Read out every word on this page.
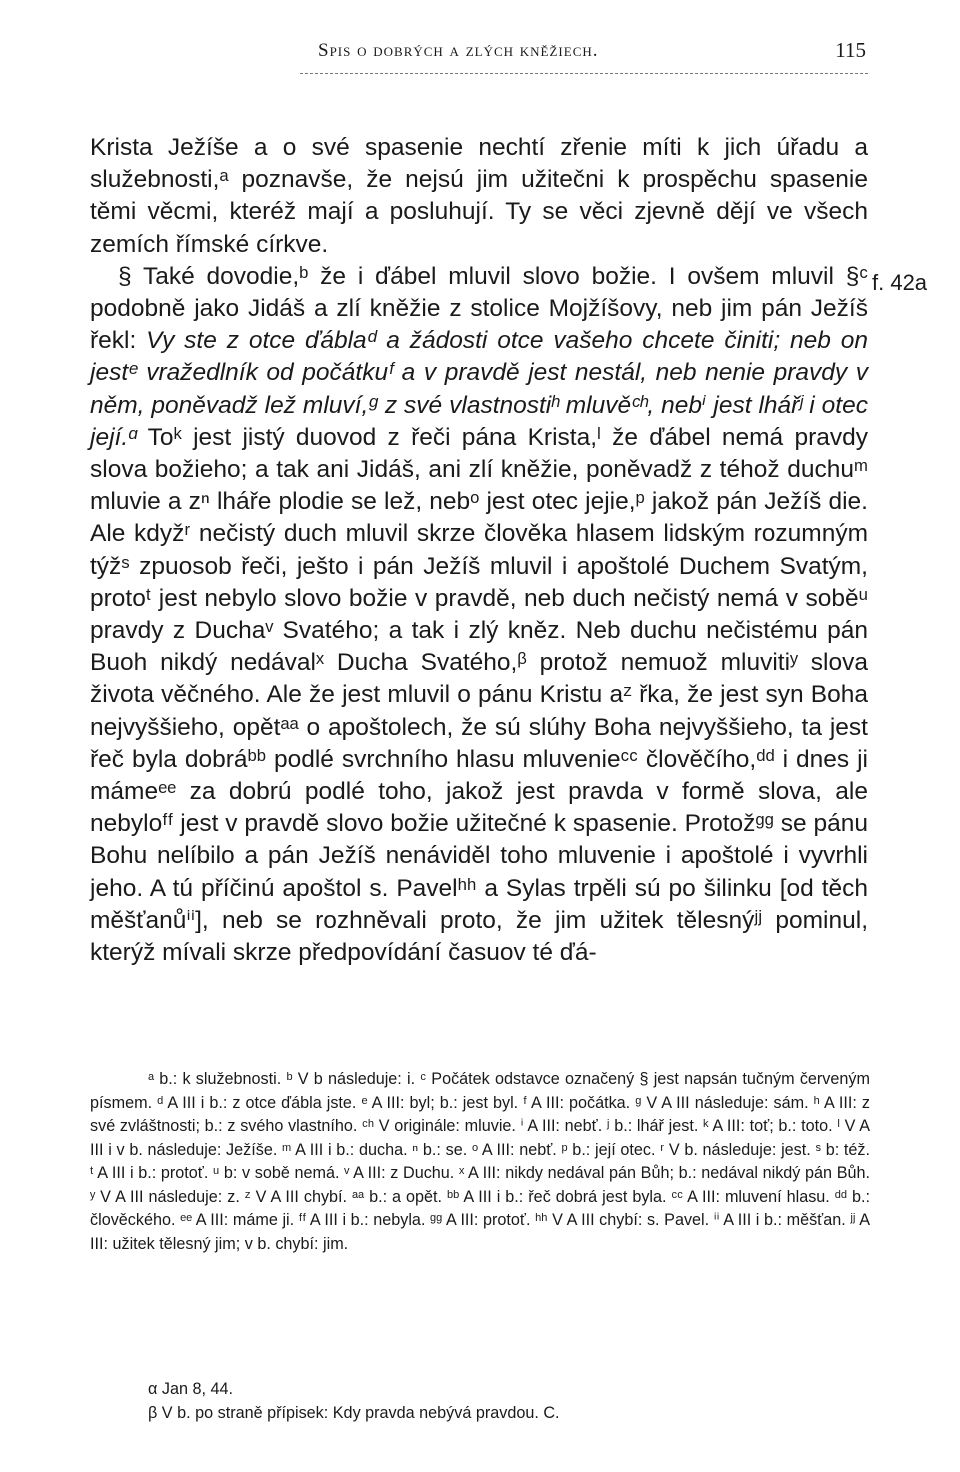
Spis o dobrých a zlých kněžiech.	115
f. 42a

Krista Ježíše a o své spasenie nechtí zřenie míti k jich úřadu a služebnosti,ᵃ poznavše, že nejsú jim užitečni k prospěchu spasenie těmi věcmi, kteréž mají a posluhují. Ty se věci zjevně dějí ve všech zemích římské církve.

§ Také dovodie,ᵇ že i ďábel mluvil slovo božie. I ovšem mluvil §ᶜ podobně jako Jidáš a zlí kněžie z stolice Mojžíšovy, neb jim pán Ježíš řekl: Vy ste z otce ďáblaᵈ a žádosti otce vašeho chcete činiti; neb on jestᵉ vražedlník od počátkuᶠ a v pravdě jest nestál, neb nenie pravdy v něm, poněvadž lež mluví,ᵍ z své vlastnostiʰ mluvěᶜʰ, nebⁱ jest lhářʲ i otec její.ᵅ Toᵏ jest jistý duovod z řeči pána Krista,ˡ že ďábel nemá pravdy slova božieho; a tak ani Jidáš, ani zlí kněžie, poněvadž z téhož duchuᵐ mluvie a zⁿ lháře plodie se lež, nebᵒ jest otec jejie,ᵖ jakož pán Ježíš die. Ale kdyžʳ nečistý duch mluvil skrze člověka hlasem lidským rozumným týžˢ zpuosob řeči, ješto i pán Ježíš mluvil i apoštolé Duchem Svatým, protoᵗ jest nebylo slovo božie v pravdě, neb duch nečistý nemá v soběᵘ pravdy z Duchaᵛ Svatého; a tak i zlý kněz. Neb duchu nečistému pán Buoh nikdý nedávalˣ Ducha Svatého,ᵝ protož nemuož mluvitiʸ slova života věčného. Ale že jest mluvil o pánu Kristu aᶻ řka, že jest syn Boha nejvyššieho, opětᵃᵃ o apoštolech, že sú slúhy Boha nejvyššieho, ta jest řeč byla dobráᵇᵇ podlé svrchního hlasu mluvenieᶜᶜ člověčího,ᵈᵈ i dnes ji mámeᵉᵉ za dobrú podlé toho, jakož jest pravda v formě slova, ale nebyloᶠᶠ jest v pravdě slovo božie užitečné k spasenie. Protožᵍᵍ se pánu Bohu nelíbilo a pán Ježíš nenáviděl toho mluvenie i apoštolé i vyvrhli jeho. A tú příčinú apoštol s. Pavelʰʰ a Sylas trpěli sú po šilinku [od těch měšťanůⁱⁱ], neb se rozhněvali proto, že jim užitek tělesnýʲʲ pominul, kterýž mívali skrze předpovídání časuov té ďá-

ᵃ b.: k služebnosti. ᵇ V b následuje: i. ᶜ Počátek odstavce označený § jest napsán tučným červeným písmem. ᵈ A III i b.: z otce ďábla jste. ᵉ A III: byl; b.: jest byl. ᶠ A III: počátka. ᵍ V A III následuje: sám. ʰ A III: z své zvláštnosti; b.: z svého vlastního. ᶜʰ V originále: mluvie. ⁱ A III: nebť. ʲ b.: lhář jest. ᵏ A III: toť; b.: toto. ˡ V A III i v b. následuje: Ježíše. ᵐ A III i b.: ducha. ⁿ b.: se. ᵒ A III: nebť. ᵖ b.: její otec. ʳ V b. následuje: jest. ˢ b: též. ᵗ A III i b.: protoť. ᵘ b: v sobě nemá. ᵛ A III: z Duchu. ˣ A III: nikdy nedával pán Bůh; b.: nedával nikdý pán Bůh. ʸ V A III následuje: z. ᶻ V A III chybí. ᵃᵃ b.: a opět. ᵇᵇ A III i b.: řeč dobrá jest byla. ᶜᶜ A III: mluvení hlasu. ᵈᵈ b.: člověckého. ᵉᵉ A III: máme ji. ᶠᶠ A III i b.: nebyla. ᵍᵍ A III: protoť. ʰʰ V A III chybí: s. Pavel. ⁱⁱ A III i b.: měšťan. ʲʲ A III: užitek tělesný jim; v b. chybí: jim.

α Jan 8, 44.

β V b. po straně přípisek: Kdy pravda nebývá pravdou. C.
